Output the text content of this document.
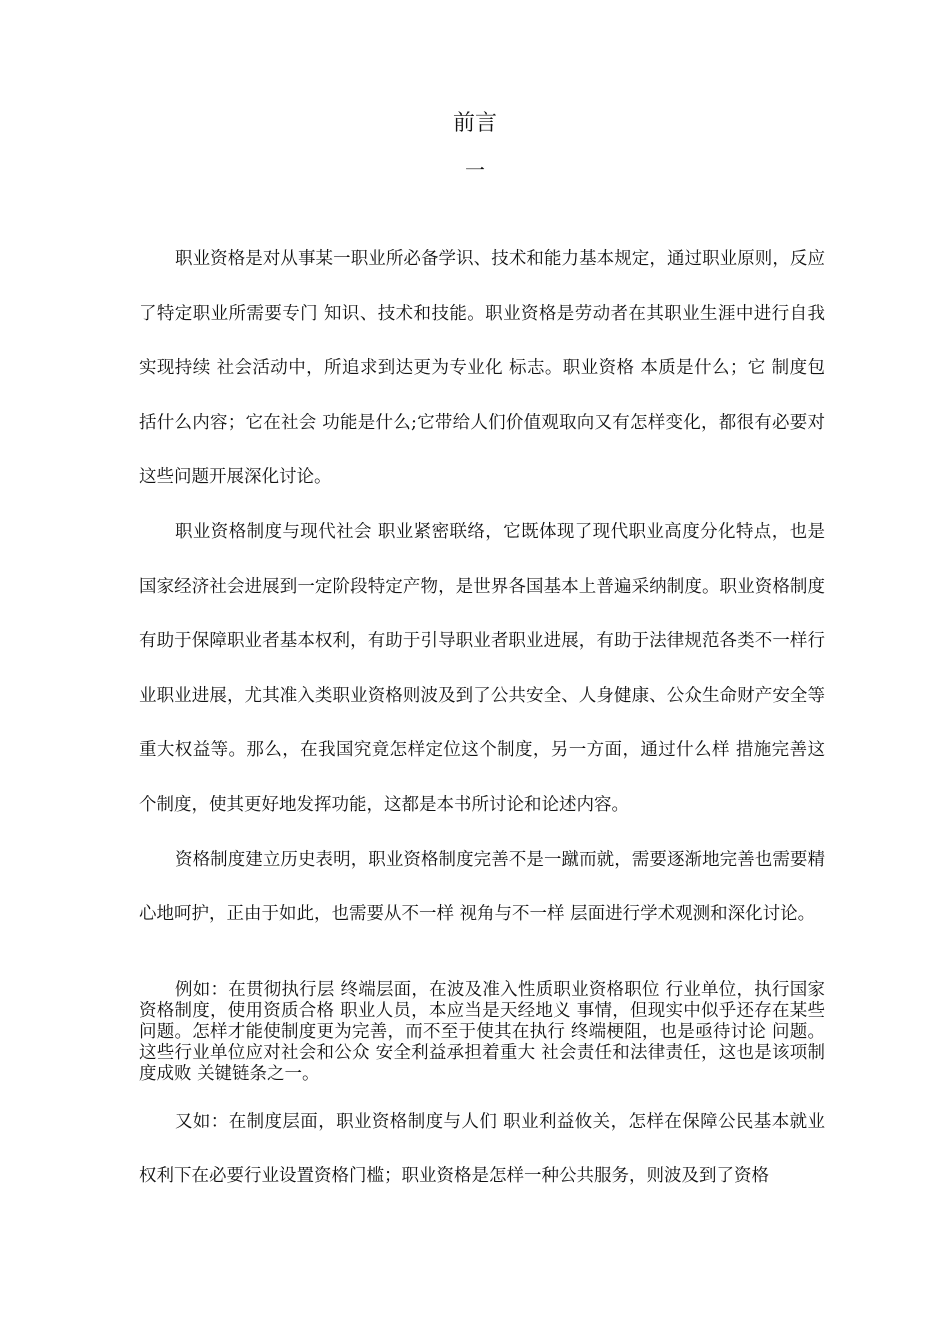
前言
一

职业资格是对从事某一职业所必备学识、技术和能力基本规定，通过职业原则，反应了特定职业所需要专门 知识、技术和技能。职业资格是劳动者在其职业生涯中进行自我实现持续 社会活动中，所追求到达更为专业化 标志。职业资格 本质是什么；它 制度包括什么内容；它在社会 功能是什么;它带给人们价值观取向又有怎样变化，都很有必要对这些问题开展深化讨论。

职业资格制度与现代社会 职业紧密联络，它既体现了现代职业高度分化特点，也是国家经济社会进展到一定阶段特定产物，是世界各国基本上普遍采纳制度。职业资格制度有助于保障职业者基本权利，有助于引导职业者职业进展，有助于法律规范各类不一样行业职业进展，尤其准入类职业资格则波及到了公共安全、人身健康、公众生命财产安全等重大权益等。那么，在我国究竟怎样定位这个制度，另一方面，通过什么样 措施完善这个制度，使其更好地发挥功能，这都是本书所讨论和论述内容。

资格制度建立历史表明，职业资格制度完善不是一蹴而就，需要逐渐地完善也需要精心地呵护，正由于如此，也需要从不一样 视角与不一样 层面进行学术观测和深化讨论。

例如：在贯彻执行层 终端层面，在波及准入性质职业资格职位 行业单位，执行国家资格制度，使用资质合格 职业人员，本应当是天经地义 事情，但现实中似乎还存在某些问题。怎样才能使制度更为完善，而不至于使其在执行 终端梗阻，也是亟待讨论 问题。这些行业单位应对社会和公众 安全利益承担着重大 社会责任和法律责任，这也是该项制度成败 关键链条之一。

又如：在制度层面，职业资格制度与人们 职业利益攸关，怎样在保障公民基本就业权利下在必要行业设置资格门槛；职业资格是怎样一种公共服务，则波及到了资格
